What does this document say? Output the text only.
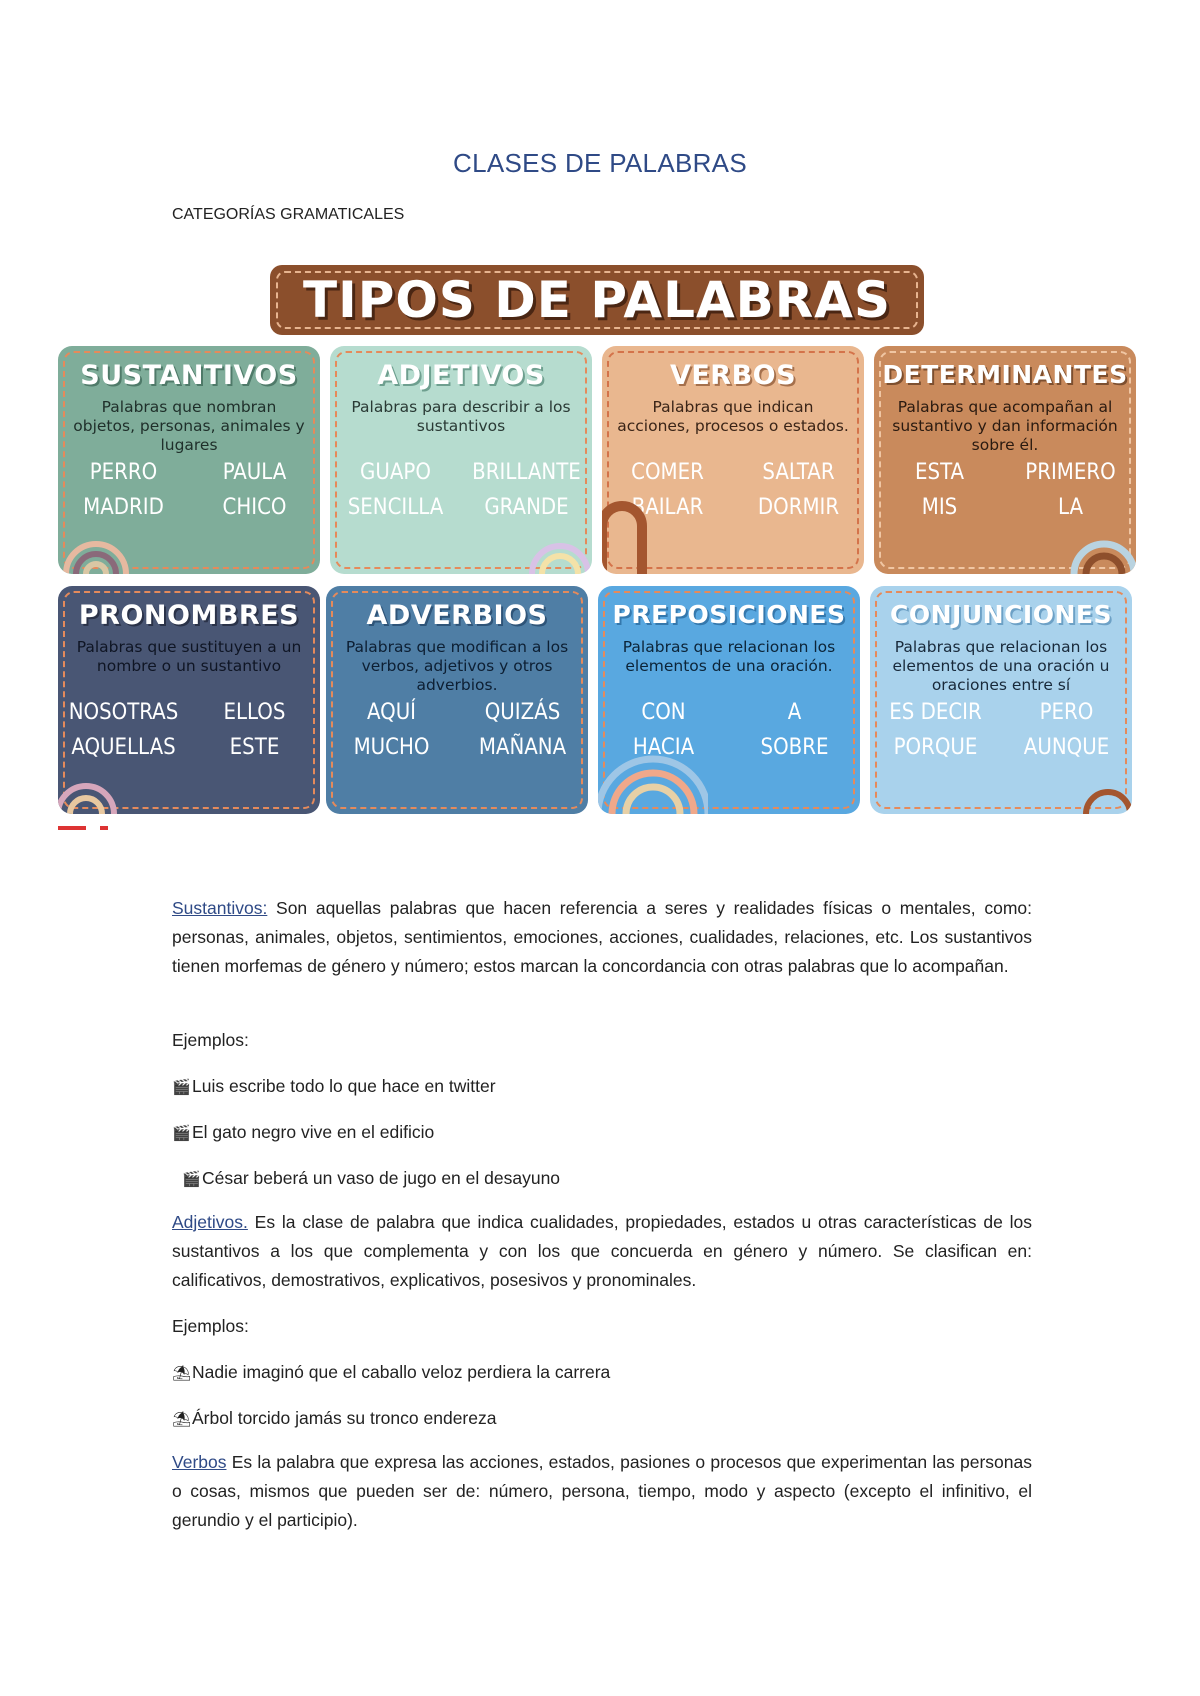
CLASES DE PALABRAS
CATEGORÍAS GRAMATICALES
TIPOS DE PALABRAS
SUSTANTIVOS
Palabras que nombran objetos, personas, animales y lugares
PERRO	PAULA
MADRID	CHICO
ADJETIVOS
Palabras para describir a los sustantivos
GUAPO	BRILLANTE
SENCILLA	GRANDE
VERBOS
Palabras que indican acciones, procesos o estados.
COMER	SALTAR
BAILAR	DORMIR
DETERMINANTES
Palabras que acompañan al sustantivo y dan información sobre él.
ESTA	PRIMERO
MIS	LA
PRONOMBRES
Palabras que sustituyen a un nombre o un sustantivo
NOSOTRAS	ELLOS
AQUELLAS	ESTE
ADVERBIOS
Palabras que modifican a los verbos, adjetivos y otros adverbios.
AQUÍ	QUIZÁS
MUCHO	MAÑANA
PREPOSICIONES
Palabras que relacionan los elementos de una oración.
CON	A
HACIA	SOBRE
CONJUNCIONES
Palabras que relacionan los elementos de una oración u oraciones entre sí
ES DECIR	PERO
PORQUE	AUNQUE
Sustantivos: Son aquellas palabras que hacen referencia a seres y realidades físicas o mentales, como: personas, animales, objetos, sentimientos, emociones, acciones, cualidades, relaciones, etc. Los sustantivos tienen morfemas de género y número; estos marcan la concordancia con otras palabras que lo acompañan.
Ejemplos:
🎬Luis escribe todo lo que hace en twitter
🎬El gato negro vive en el edificio
🎬César beberá un vaso de jugo en el desayuno
Adjetivos. Es la clase de palabra que indica cualidades, propiedades, estados u otras características de los sustantivos a los que complementa y con los que concuerda en género y número. Se clasifican en: calificativos, demostrativos, explicativos, posesivos y pronominales.
Ejemplos:
⛱Nadie imaginó que el caballo veloz perdiera la carrera
⛱Árbol torcido jamás su tronco endereza
Verbos Es la palabra que expresa las acciones, estados, pasiones o procesos que experimentan las personas o cosas, mismos que pueden ser de: número, persona, tiempo, modo y aspecto (excepto el infinitivo, el gerundio y el participio).
